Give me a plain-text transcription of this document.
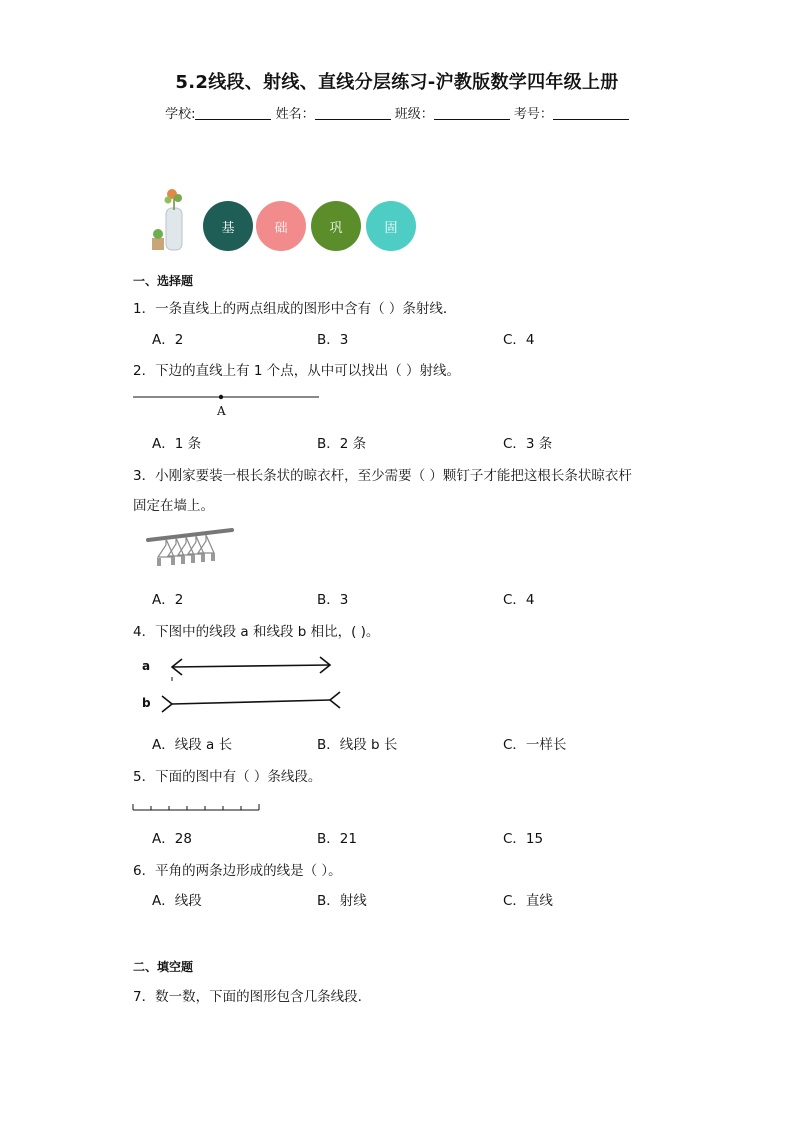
5.2线段、射线、直线分层练习-沪教版数学四年级上册
学校:	姓名：	班级：	考号：
基	础	巩	固
一、选择题
1．一条直线上的两点组成的图形中含有（ ）条射线．
A．2	B．3	C．4
2．下边的直线上有 1 个点，从中可以找出（ ）射线。
A
A．1 条	B．2 条	C．3 条
3．小刚家要装一根长条状的晾衣杆，至少需要（ ）颗钉子才能把这根长条状晾衣杆
固定在墙上。
A．2	B．3	C．4
4．下图中的线段 a 和线段 b 相比，( )。
a
b
A．线段 a 长	B．线段 b 长	C．一样长
5．下面的图中有（ ）条线段。
A．28	B．21	C．15
6．平角的两条边形成的线是（ ）。
A．线段	B．射线	C．直线
二、填空题
7．数一数，下面的图形包含几条线段.
